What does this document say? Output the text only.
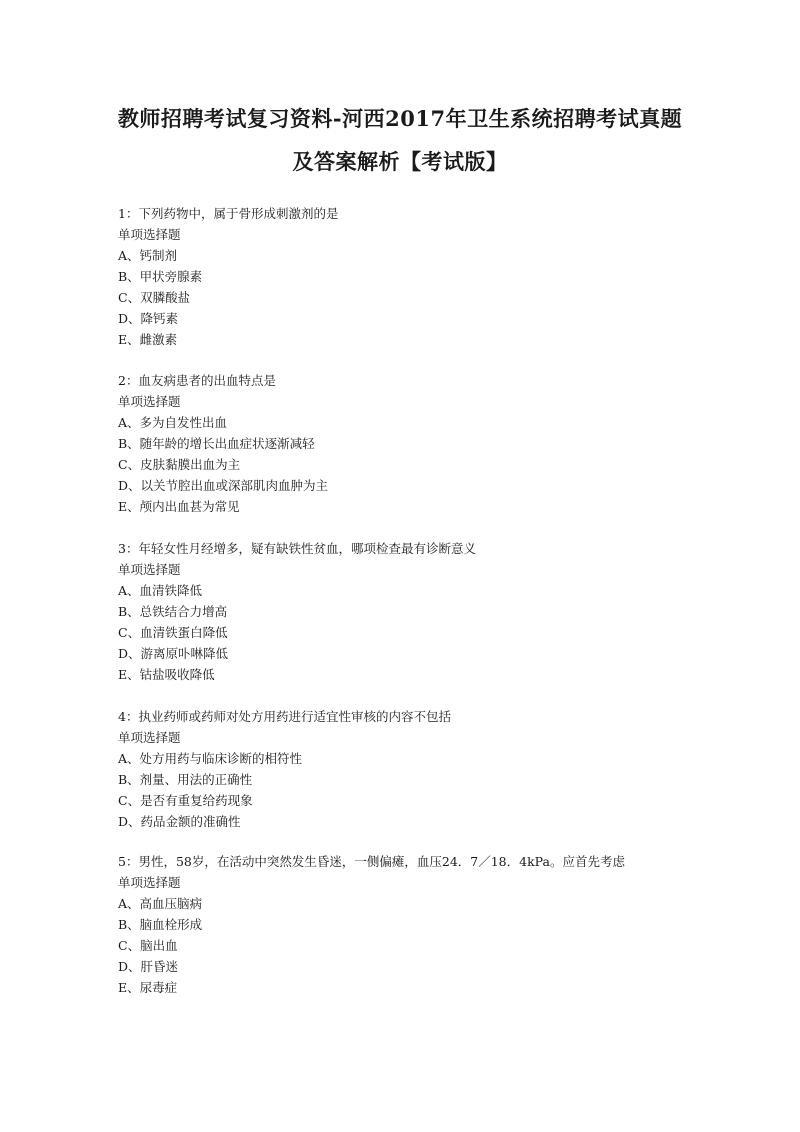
教师招聘考试复习资料-河西2017年卫生系统招聘考试真题
及答案解析【考试版】
1：下列药物中，属于骨形成刺激剂的是
单项选择题
A、钙制剂
B、甲状旁腺素
C、双膦酸盐
D、降钙素
E、雌激素
2：血友病患者的出血特点是
单项选择题
A、多为自发性出血
B、随年龄的增长出血症状逐渐减轻
C、皮肤黏膜出血为主
D、以关节腔出血或深部肌肉血肿为主
E、颅内出血甚为常见
3：年轻女性月经增多，疑有缺铁性贫血，哪项检查最有诊断意义
单项选择题
A、血清铁降低
B、总铁结合力增高
C、血清铁蛋白降低
D、游离原卟啉降低
E、钴盐吸收降低
4：执业药师或药师对处方用药进行适宜性审核的内容不包括
单项选择题
A、处方用药与临床诊断的相符性
B、剂量、用法的正确性
C、是否有重复给药现象
D、药品金额的准确性
5：男性，58岁，在活动中突然发生昏迷，一侧偏瘫，血压24．7／18．4kPa。应首先考虑
单项选择题
A、高血压脑病
B、脑血栓形成
C、脑出血
D、肝昏迷
E、尿毒症
